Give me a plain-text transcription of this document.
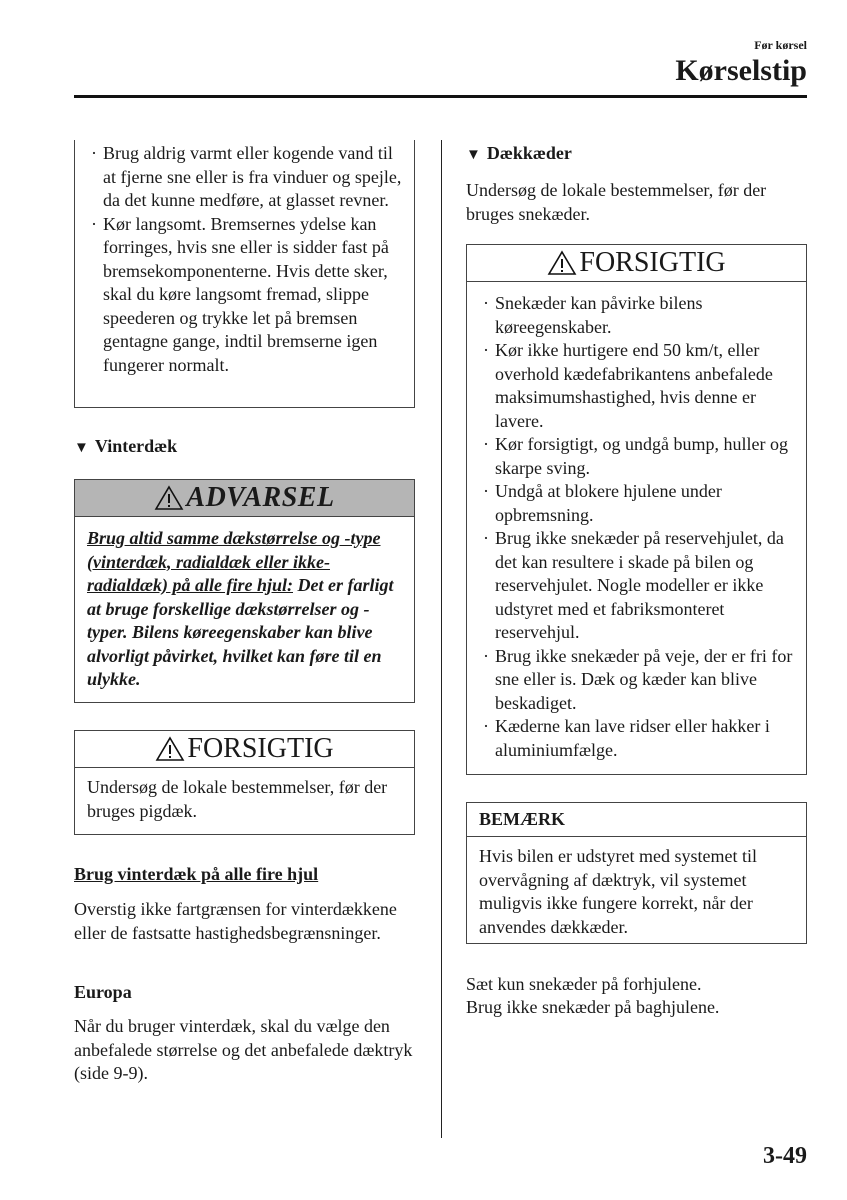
Før kørsel
Kørselstip
· Brug aldrig varmt eller kogende vand til at fjerne sne eller is fra vinduer og spejle, da det kunne medføre, at glasset revner.
· Kør langsomt. Bremsernes ydelse kan forringes, hvis sne eller is sidder fast på bremsekomponenterne. Hvis dette sker, skal du køre langsomt fremad, slippe speederen og trykke let på bremsen gentagne gange, indtil bremserne igen fungerer normalt.
▼ Vinterdæk
ADVARSEL
Brug altid samme dækstørrelse og -type (vinterdæk, radialdæk eller ikke-radialdæk) på alle fire hjul: Det er farligt at bruge forskellige dækstørrelser og -typer. Bilens køreegenskaber kan blive alvorligt påvirket, hvilket kan føre til en ulykke.
FORSIGTIG
Undersøg de lokale bestemmelser, før der bruges pigdæk.
Brug vinterdæk på alle fire hjul

Overstig ikke fartgrænsen for vinterdækkene eller de fastsatte hastighedsbegrænsninger.

Europa

Når du bruger vinterdæk, skal du vælge den anbefalede størrelse og det anbefalede dæktryk (side 9-9).

▼ Dækkæder

Undersøg de lokale bestemmelser, før der bruges snekæder.

FORSIGTIG
· Snekæder kan påvirke bilens køreegenskaber.
· Kør ikke hurtigere end 50 km/t, eller overhold kædefabrikantens anbefalede maksimumshastighed, hvis denne er lavere.
· Kør forsigtigt, og undgå bump, huller og skarpe sving.
· Undgå at blokere hjulene under opbremsning.
· Brug ikke snekæder på reservehjulet, da det kan resultere i skade på bilen og reservehjulet. Nogle modeller er ikke udstyret med et fabriksmonteret reservehjul.
· Brug ikke snekæder på veje, der er fri for sne eller is. Dæk og kæder kan blive beskadiget.
· Kæderne kan lave ridser eller hakker i aluminiumfælge.
BEMÆRK
Hvis bilen er udstyret med systemet til overvågning af dæktryk, vil systemet muligvis ikke fungere korrekt, når der anvendes dækkæder.

Sæt kun snekæder på forhjulene.

Brug ikke snekæder på baghjulene.

3-49
